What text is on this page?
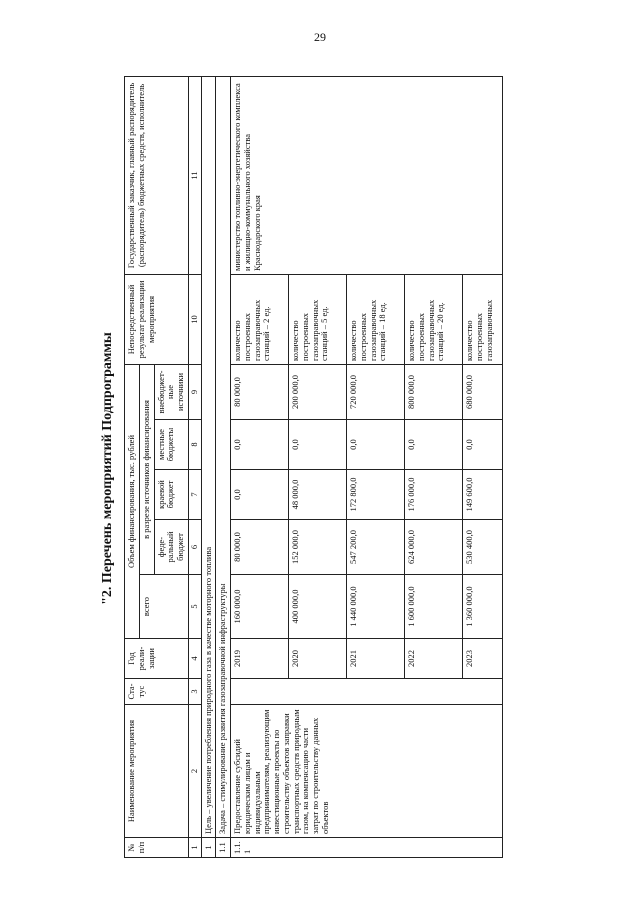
29
"2. Перечень мероприятий Подпрограммы
№ п/п	Наименование мероприятия	Ста-тус	Год реали-зации	Объем финансирования, тыс. рублей					Непосредственный результат реализации мероприятия	Государственный заказчик, главный распорядитель (распорядитель) бюджетных средств, исполнитель
				всего	в разрезе источников финансирования					
					феде-ральный бюджет	краевой бюджет	местные бюджеты	внебюджет-ные источники		
1	2	3	4	5	6	7	8	9	10	11
1	Цель – увеличение потребления природного газа в качестве моторного топлива									
1.1	Задача – стимулирование развития газозаправочной инфраструктуры									
1.1.1	Предоставление субсидий юридическим лицам и индивидуальным предпринимателям, реализующим инвестиционные проекты по строительству объектов заправки транспортных средств природным газом, на компенсацию части затрат по строительству данных объектов		2019	160 000,0	80 000,0	0,0	0,0	80 000,0	количество построенных газозаправочных станций – 2 ед.	министерство топливно-энергетического комплекса и жилищно-коммунального хозяйства Краснодарского края
			2020	400 000,0	152 000,0	48 000,0	0,0	200 000,0	количество построенных газозаправочных станций – 5 ед.	
			2021	1 440 000,0	547 200,0	172 800,0	0,0	720 000,0	количество построенных газозаправочных станций – 18 ед.	
			2022	1 600 000,0	624 000,0	176 000,0	0,0	800 000,0	количество построенных газозаправочных станций – 20 ед.	
			2023	1 360 000,0	530 400,0	149 600,0	0,0	680 000,0	количество построенных газозаправочных	
